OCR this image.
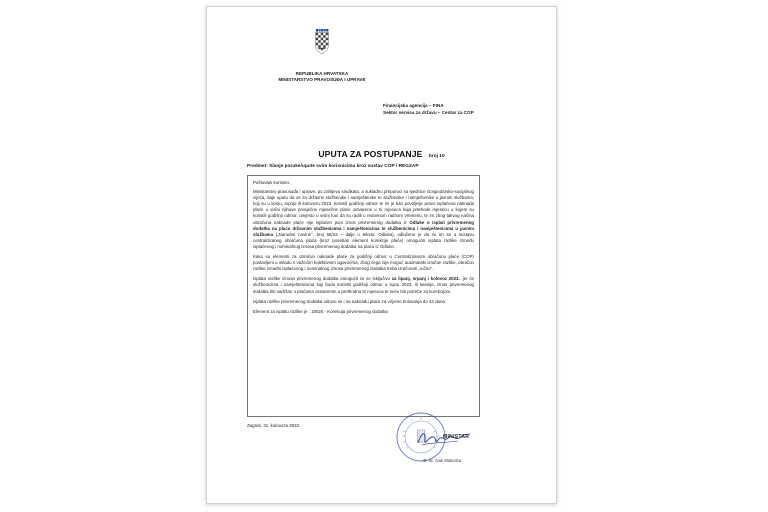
REPUBLIKA HRVATSKA
MINISTARSTVO PRAVOSUĐA I UPRAVE
Financijska agencija – FINA
Sektor servisa za državu – Centar za COP
UPUTA ZA POSTUPANJE broj 10
Predmet: Slanje poruke/upute svim korisnicima kroz sustav COP i REGZAP

Poštovani korisnici,

Ministarstvo pravosuđa i uprave, po zahtjevu sindikata, a sukladno preporuci sa sjednice Gospodarsko-socijalnog vijeća, daje uputu da se za državne službenike i namještenike te službenike i namještenike u javnim službama, koji su u lipnju, srpnju ili kolovozu 2023. koristili godišnji odmor te im je kao povoljnije pravo isplaćena naknada plaće u visini njihove prosječne mjesečne plaće ostvarene u tri mjeseca koja prethode mjesecu u kojem su koristili godišnji odmor, umjesto u visini kao da su radili u redovnom radnom vremenu, te im zbog takvog načina obračuna naknade plaće nije isplaćen puni iznos privremenog dodatka iz Odluke o isplati privremenog dodatka na plaću državnim službenicima i namještenicima te službenicima i namještenicima u javnim službama („Narodne novine", broj 65/23 – dalje u tekstu: Odluka), odlučeno je da će im se u sustavu centraliziranog obračuna plaća (kroz poseban element korekcije plaće) omogućiti isplata razlike između isplaćenog i nominalnog iznosa privremenog dodatka na plaću iz Odluke.

Kako su elementi za obračun naknade plaće za godišnji odmor u Centraliziranom obračunu plaće (COP) postavljeni u skladu s važećim kolektivnim ugovorima, zbog čega nije moguć automatski izračun razlike, obračun razlike između isplaćenog i nominalnog iznosa privremenog dodatka treba izračunati „ručno".

Isplata razlike iznosa privremenog dodatka omogućit će se isključivo za lipanj, srpanj i kolovoz 2023., jer će službenicima i namještenicima koji budu koristili godišnji odmor u rujnu 2023. ili kasnije, iznos privremenog dodatka biti sadržan u plaćama ostvarenim u prethodna tri mjeseca te neće biti potrebe za korekcijom.

Isplata razlike privremenog dodatka odnosi se i na naknadu plaće za vrijeme bolovanja do 42 dana.

Element za isplatu razlike je : 18026 - Korekcija privremenog dodatka

Zagreb, 31. kolovoza 2023.
MINISTAR
dr. sc. Ivan Malenica
